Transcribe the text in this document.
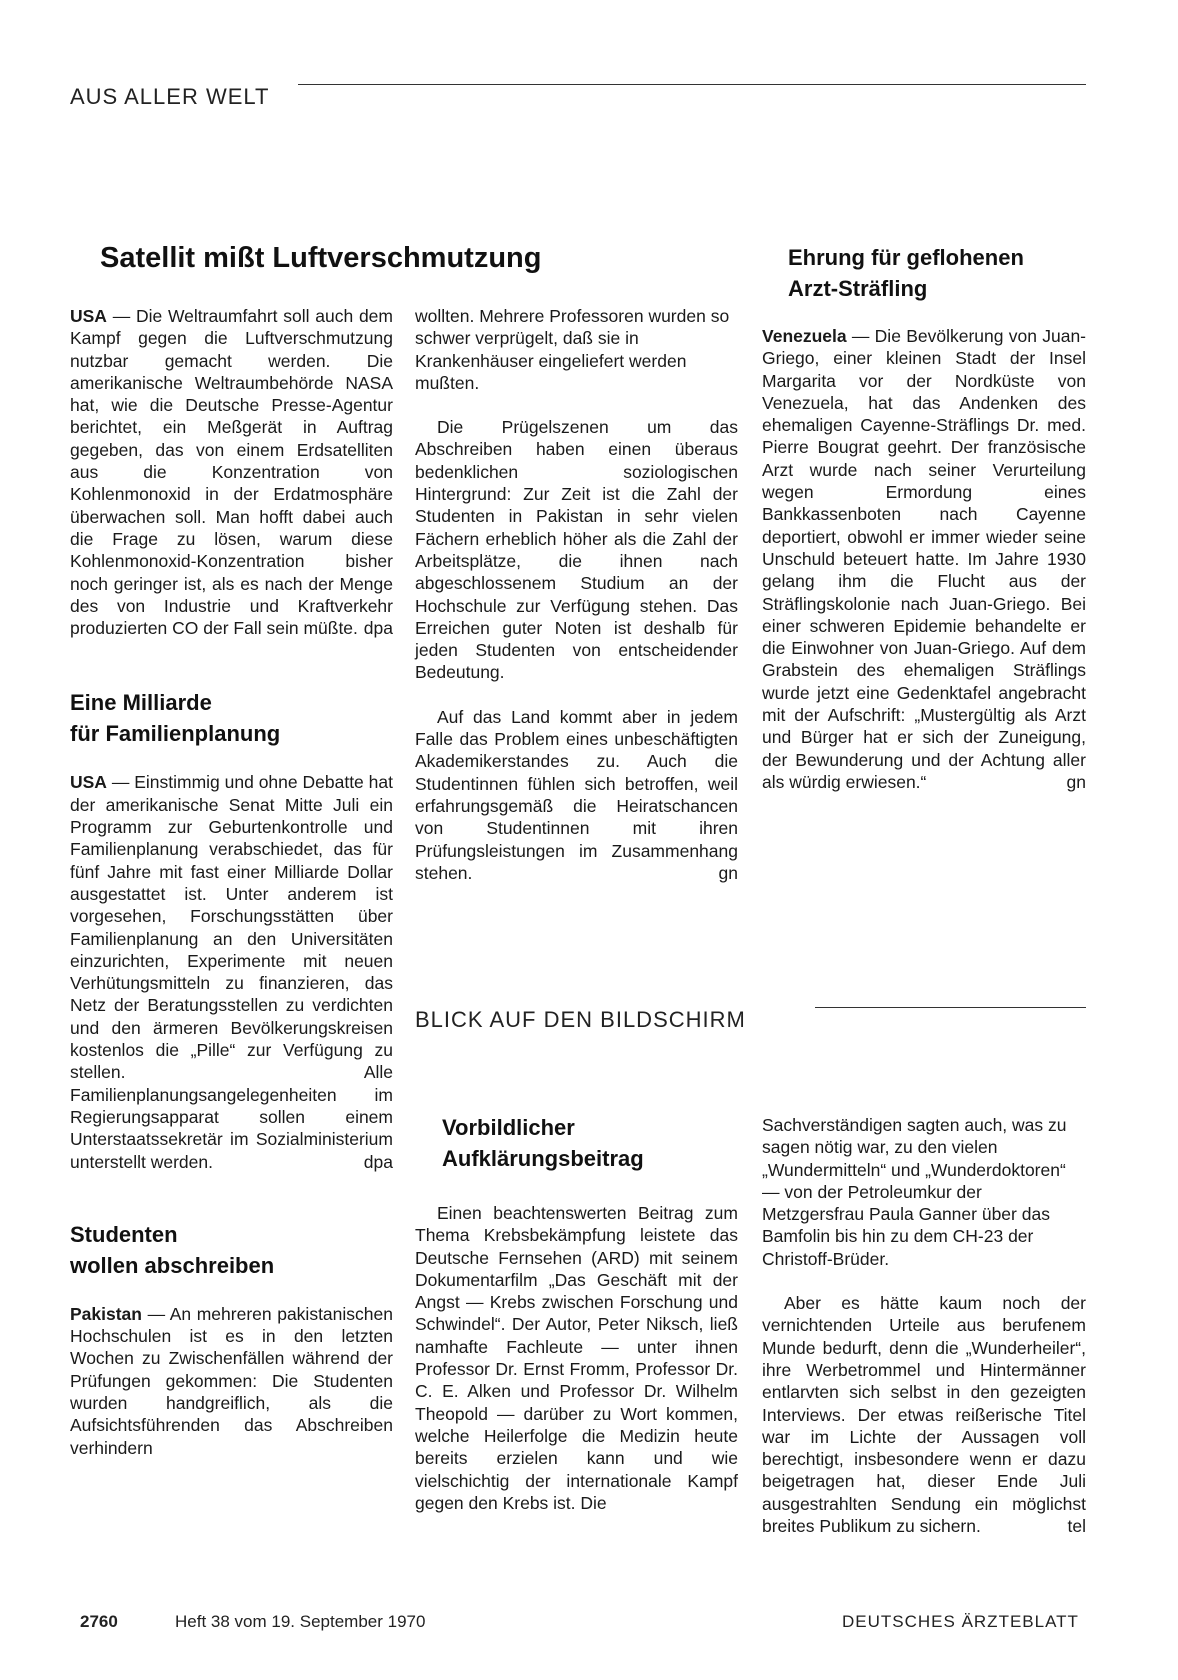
AUS ALLER WELT
Satellit mißt Luftverschmutzung

USA — Die Weltraumfahrt soll auch dem Kampf gegen die Luftverschmutzung nutzbar gemacht werden. Die amerikanische Weltraumbehörde NASA hat, wie die Deutsche Presse-Agentur berichtet, ein Meßgerät in Auftrag gegeben, das von einem Erdsatelliten aus die Konzentration von Kohlenmonoxid in der Erdatmosphäre überwachen soll. Man hofft dabei auch die Frage zu lösen, warum diese Kohlenmonoxid-Konzentration bisher noch geringer ist, als es nach der Menge des von Industrie und Kraftverkehr produzierten CO der Fall sein müßte. dpa

Eine Milliarde
für Familienplanung

USA — Einstimmig und ohne Debatte hat der amerikanische Senat Mitte Juli ein Programm zur Geburtenkontrolle und Familienplanung verabschiedet, das für fünf Jahre mit fast einer Milliarde Dollar ausgestattet ist. Unter anderem ist vorgesehen, Forschungsstätten über Familienplanung an den Universitäten einzurichten, Experimente mit neuen Verhütungsmitteln zu finanzieren, das Netz der Beratungsstellen zu verdichten und den ärmeren Bevölkerungskreisen kostenlos die „Pille“ zur Verfügung zu stellen. Alle Familienplanungsangelegenheiten im Regierungsapparat sollen einem Unterstaatssekretär im Sozialministerium unterstellt werden.	dpa

Studenten
wollen abschreiben

Pakistan — An mehreren pakistanischen Hochschulen ist es in den letzten Wochen zu Zwischenfällen während der Prüfungen gekommen: Die Studenten wurden handgreiflich, als die Aufsichtsführenden das Abschreiben verhindern

wollten. Mehrere Professoren wurden so schwer verprügelt, daß sie in Krankenhäuser eingeliefert werden mußten.

Die Prügelszenen um das Abschreiben haben einen überaus bedenklichen soziologischen Hintergrund: Zur Zeit ist die Zahl der Studenten in Pakistan in sehr vielen Fächern erheblich höher als die Zahl der Arbeitsplätze, die ihnen nach abgeschlossenem Studium an der Hochschule zur Verfügung stehen. Das Erreichen guter Noten ist deshalb für jeden Studenten von entscheidender Bedeutung.

Auf das Land kommt aber in jedem Falle das Problem eines unbeschäftigten Akademikerstandes zu. Auch die Studentinnen fühlen sich betroffen, weil erfahrungsgemäß die Heiratschancen von Studentinnen mit ihren Prüfungsleistungen im Zusammenhang stehen.	gn

Ehrung für geflohenen
Arzt-Sträfling

Venezuela — Die Bevölkerung von Juan-Griego, einer kleinen Stadt der Insel Margarita vor der Nordküste von Venezuela, hat das Andenken des ehemaligen Cayenne-Sträflings Dr. med. Pierre Bougrat geehrt. Der französische Arzt wurde nach seiner Verurteilung wegen Ermordung eines Bankkassenboten nach Cayenne deportiert, obwohl er immer wieder seine Unschuld beteuert hatte. Im Jahre 1930 gelang ihm die Flucht aus der Sträflingskolonie nach Juan-Griego. Bei einer schweren Epidemie behandelte er die Einwohner von Juan-Griego. Auf dem Grabstein des ehemaligen Sträflings wurde jetzt eine Gedenktafel angebracht mit der Aufschrift: „Mustergültig als Arzt und Bürger hat er sich der Zuneigung, der Bewunderung und der Achtung aller als würdig erwiesen.“	gn

BLICK AUF DEN BILDSCHIRM
Vorbildlicher
Aufklärungsbeitrag

Einen beachtenswerten Beitrag zum Thema Krebsbekämpfung leistete das Deutsche Fernsehen (ARD) mit seinem Dokumentarfilm „Das Geschäft mit der Angst — Krebs zwischen Forschung und Schwindel“. Der Autor, Peter Niksch, ließ namhafte Fachleute — unter ihnen Professor Dr. Ernst Fromm, Professor Dr. C. E. Alken und Professor Dr. Wilhelm Theopold — darüber zu Wort kommen, welche Heilerfolge die Medizin heute bereits erzielen kann und wie vielschichtig der internationale Kampf gegen den Krebs ist. Die

Sachverständigen sagten auch, was zu sagen nötig war, zu den vielen „Wundermitteln“ und „Wunderdoktoren“ — von der Petroleumkur der Metzgersfrau Paula Ganner über das Bamfolin bis hin zu dem CH-23 der Christoff-Brüder.

Aber es hätte kaum noch der vernichtenden Urteile aus berufenem Munde bedurft, denn die „Wunderheiler“, ihre Werbetrommel und Hintermänner entlarvten sich selbst in den gezeigten Interviews. Der etwas reißerische Titel war im Lichte der Aussagen voll berechtigt, insbesondere wenn er dazu beigetragen hat, dieser Ende Juli ausgestrahlten Sendung ein möglichst breites Publikum zu sichern.	tel

2760	Heft 38 vom 19. September 1970	DEUTSCHES ÄRZTEBLATT
